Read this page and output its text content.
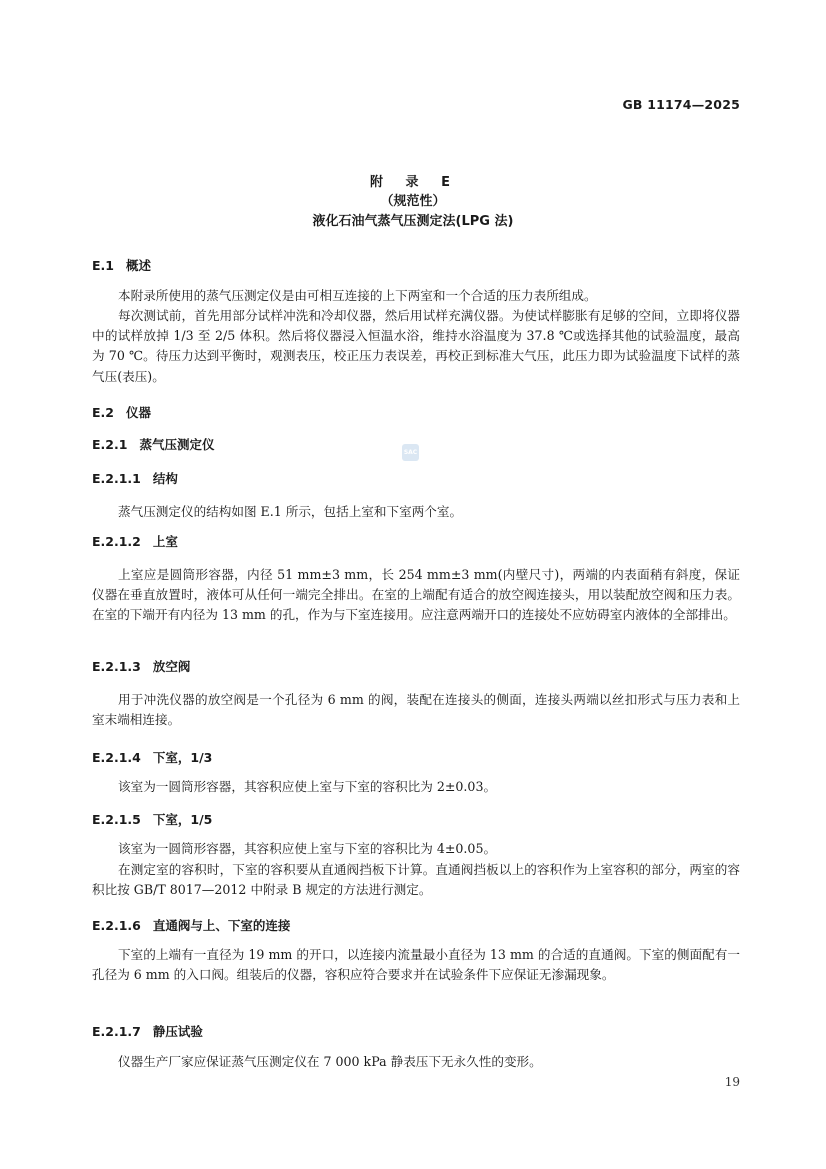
GB 11174—2025
附 录 E
（规范性）
液化石油气蒸气压测定法(LPG 法)
E.1 概述

本附录所使用的蒸气压测定仪是由可相互连接的上下两室和一个合适的压力表所组成。

每次测试前，首先用部分试样冲洗和冷却仪器，然后用试样充满仪器。为使试样膨胀有足够的空间，立即将仪器中的试样放掉 1/3 至 2/5 体积。然后将仪器浸入恒温水浴，维持水浴温度为 37.8 ℃或选择其他的试验温度，最高为 70 ℃。待压力达到平衡时，观测表压，校正压力表误差，再校正到标准大气压，此压力即为试验温度下试样的蒸气压(表压)。

E.2 仪器
E.2.1 蒸气压测定仪
SAC
E.2.1.1 结构

蒸气压测定仪的结构如图 E.1 所示，包括上室和下室两个室。

E.2.1.2 上室

上室应是圆筒形容器，内径 51 mm±3 mm，长 254 mm±3 mm(内壁尺寸)，两端的内表面稍有斜度，保证仪器在垂直放置时，液体可从任何一端完全排出。在室的上端配有适合的放空阀连接头，用以装配放空阀和压力表。在室的下端开有内径为 13 mm 的孔，作为与下室连接用。应注意两端开口的连接处不应妨碍室内液体的全部排出。

E.2.1.3 放空阀

用于冲洗仪器的放空阀是一个孔径为 6 mm 的阀，装配在连接头的侧面，连接头两端以丝扣形式与压力表和上室末端相连接。

E.2.1.4 下室，1/3

该室为一圆筒形容器，其容积应使上室与下室的容积比为 2±0.03。

E.2.1.5 下室，1/5

该室为一圆筒形容器，其容积应使上室与下室的容积比为 4±0.05。

在测定室的容积时，下室的容积要从直通阀挡板下计算。直通阀挡板以上的容积作为上室容积的部分，两室的容积比按 GB/T 8017—2012 中附录 B 规定的方法进行测定。

E.2.1.6 直通阀与上、下室的连接

下室的上端有一直径为 19 mm 的开口，以连接内流量最小直径为 13 mm 的合适的直通阀。下室的侧面配有一孔径为 6 mm 的入口阀。组装后的仪器，容积应符合要求并在试验条件下应保证无渗漏现象。

E.2.1.7 静压试验

仪器生产厂家应保证蒸气压测定仪在 7 000 kPa 静表压下无永久性的变形。

19
